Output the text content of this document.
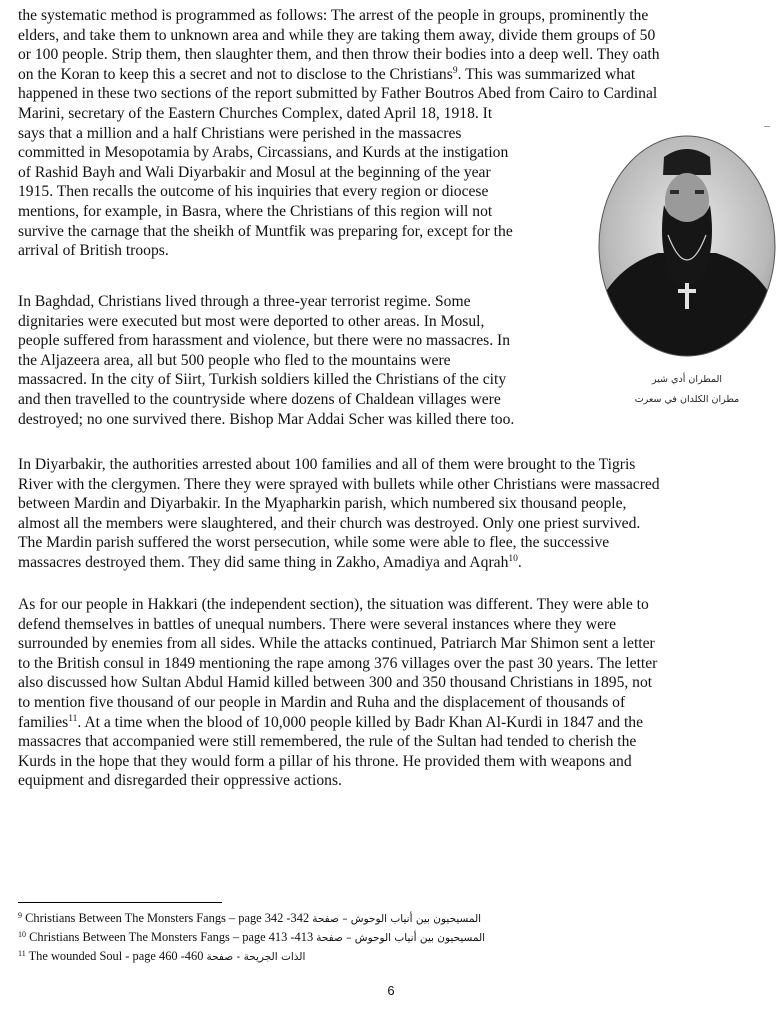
the systematic method is programmed as follows: The arrest of the people in groups, prominently the
elders, and take them to unknown area and while they are taking them away, divide them groups of 50
or 100 people. Strip them, then slaughter them, and then throw their bodies into a deep well. They oath
on the Koran to keep this a secret and not to disclose to the Christians$^9$. This was summarized what
happened in these two sections of the report submitted by Father Boutros Abed from Cairo to Cardinal
Marini, secretary of the Eastern Churches Complex, dated April 18, 1918. It
says that a million and a half Christians were perished in the massacres
committed in Mesopotamia by Arabs, Circassians, and Kurds at the instigation
of Rashid Bayh and Wali Diyarbakir and Mosul at the beginning of the year
1915. Then recalls the outcome of his inquiries that every region or diocese
mentions, for example, in Basra, where the Christians of this region will not
survive the carnage that the sheikh of Muntfik was preparing for, except for the
arrival of British troops.

In Baghdad, Christians lived through a three-year terrorist regime. Some
dignitaries were executed but most were deported to other areas. In Mosul,
people suffered from harassment and violence, but there were no massacres. In
the Aljazeera area, all but 500 people who fled to the mountains were
massacred. In the city of Siirt, Turkish soldiers killed the Christians of the city
and then travelled to the countryside where dozens of Chaldean villages were
destroyed; no one survived there. Bishop Mar Addai Scher was killed there too.

In Diyarbakir, the authorities arrested about 100 families and all of them were brought to the Tigris
River with the clergymen. There they were sprayed with bullets while other Christians were massacred
between Mardin and Diyarbakir. In the Myapharkin parish, which numbered six thousand people,
almost all the members were slaughtered, and their church was destroyed. Only one priest survived.
The Mardin parish suffered the worst persecution, while some were able to flee, the successive
massacres destroyed them. They did same thing in Zakho, Amadiya and Aqrah$^{10}$.

As for our people in Hakkari (the independent section), the situation was different. They were able to
defend themselves in battles of unequal numbers. There were several instances where they were
surrounded by enemies from all sides. While the attacks continued, Patriarch Mar Shimon sent a letter
to the British consul in 1849 mentioning the rape among 376 villages over the past 30 years. The letter
also discussed how Sultan Abdul Hamid killed between 300 and 350 thousand Christians in 1895, not
to mention five thousand of our people in Mardin and Ruha and the displacement of thousands of
families$^{11}$. At a time when the blood of 10,000 people killed by Badr Khan Al-Kurdi in 1847 and the
massacres that accompanied were still remembered, the rule of the Sultan had tended to cherish the
Kurds in the hope that they would form a pillar of his throne. He provided them with weapons and
equipment and disregarded their oppressive actions.

المطران أدي شير
مطران الكلدان في سعرت
$^9$ Christians Between The Monsters Fangs – page 342 -342 المسيحيون بين أنياب الوحوش – صفحة
$^{10}$ Christians Between The Monsters Fangs – page 413 -413 المسيحيون بين أنياب الوحوش – صفحة
$^{11}$ The wounded Soul - page 460 -460 الذات الجريحة - صفحة
6
